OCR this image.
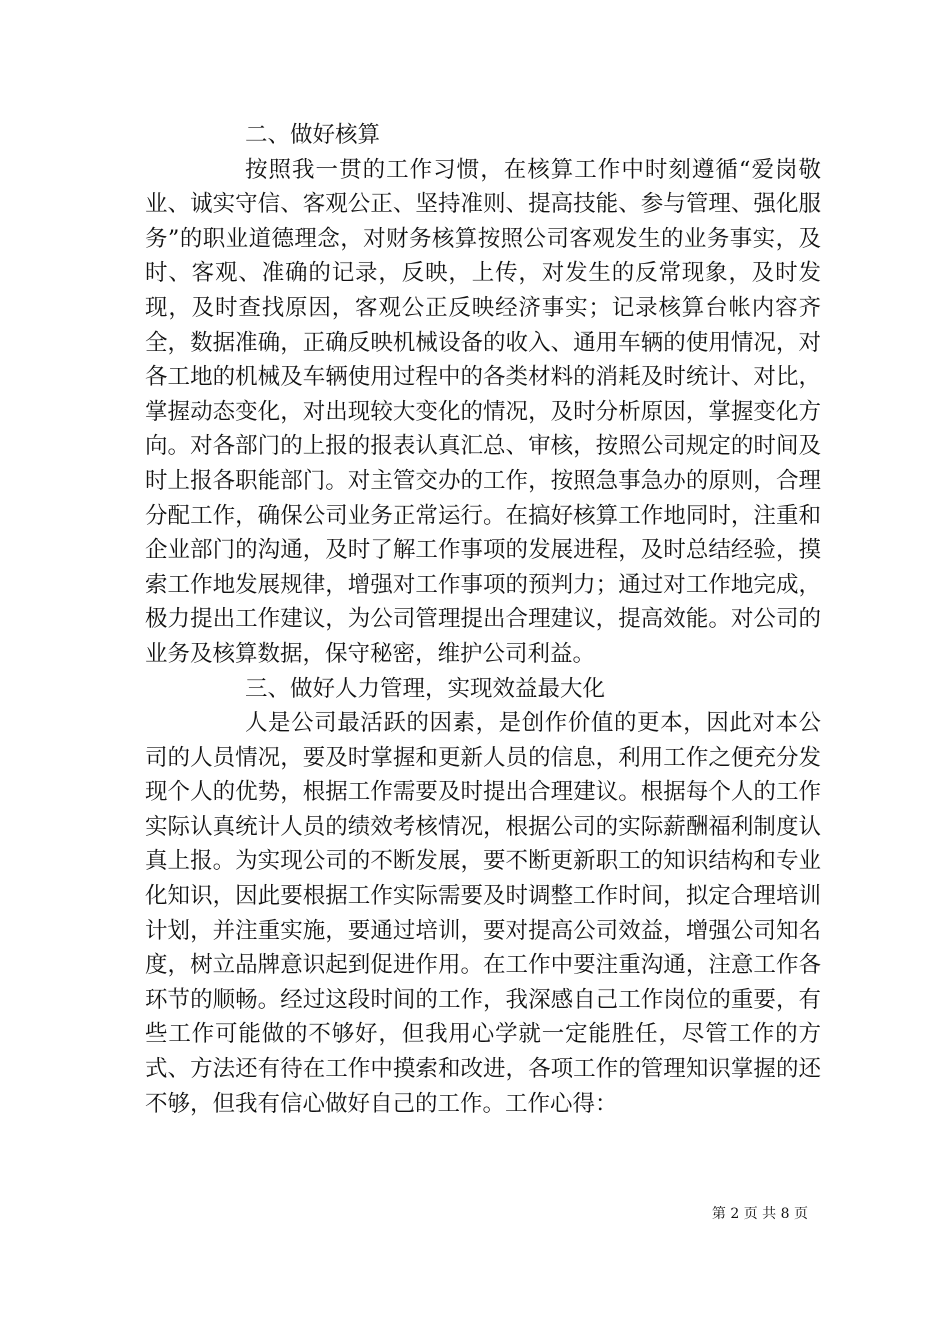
二、做好核算

按照我一贯的工作习惯，在核算工作中时刻遵循“爱岗敬业、诚实守信、客观公正、坚持准则、提高技能、参与管理、强化服务”的职业道德理念，对财务核算按照公司客观发生的业务事实，及时、客观、准确的记录，反映，上传，对发生的反常现象，及时发现，及时查找原因，客观公正反映经济事实；记录核算台帐内容齐全，数据准确，正确反映机械设备的收入、通用车辆的使用情况，对各工地的机械及车辆使用过程中的各类材料的消耗及时统计、对比，掌握动态变化，对出现较大变化的情况，及时分析原因，掌握变化方向。对各部门的上报的报表认真汇总、审核，按照公司规定的时间及时上报各职能部门。对主管交办的工作，按照急事急办的原则，合理分配工作，确保公司业务正常运行。在搞好核算工作地同时，注重和企业部门的沟通，及时了解工作事项的发展进程，及时总结经验，摸索工作地发展规律，增强对工作事项的预判力；通过对工作地完成，极力提出工作建议，为公司管理提出合理建议，提高效能。对公司的业务及核算数据，保守秘密，维护公司利益。

三、做好人力管理，实现效益最大化

人是公司最活跃的因素，是创作价值的更本，因此对本公司的人员情况，要及时掌握和更新人员的信息，利用工作之便充分发现个人的优势，根据工作需要及时提出合理建议。根据每个人的工作实际认真统计人员的绩效考核情况，根据公司的实际薪酬福利制度认真上报。为实现公司的不断发展，要不断更新职工的知识结构和专业化知识，因此要根据工作实际需要及时调整工作时间，拟定合理培训计划，并注重实施，要通过培训，要对提高公司效益，增强公司知名度，树立品牌意识起到促进作用。在工作中要注重沟通，注意工作各环节的顺畅。经过这段时间的工作，我深感自己工作岗位的重要，有些工作可能做的不够好，但我用心学就一定能胜任，尽管工作的方式、方法还有待在工作中摸索和改进，各项工作的管理知识掌握的还不够，但我有信心做好自己的工作。工作心得：

第 2 页 共 8 页
